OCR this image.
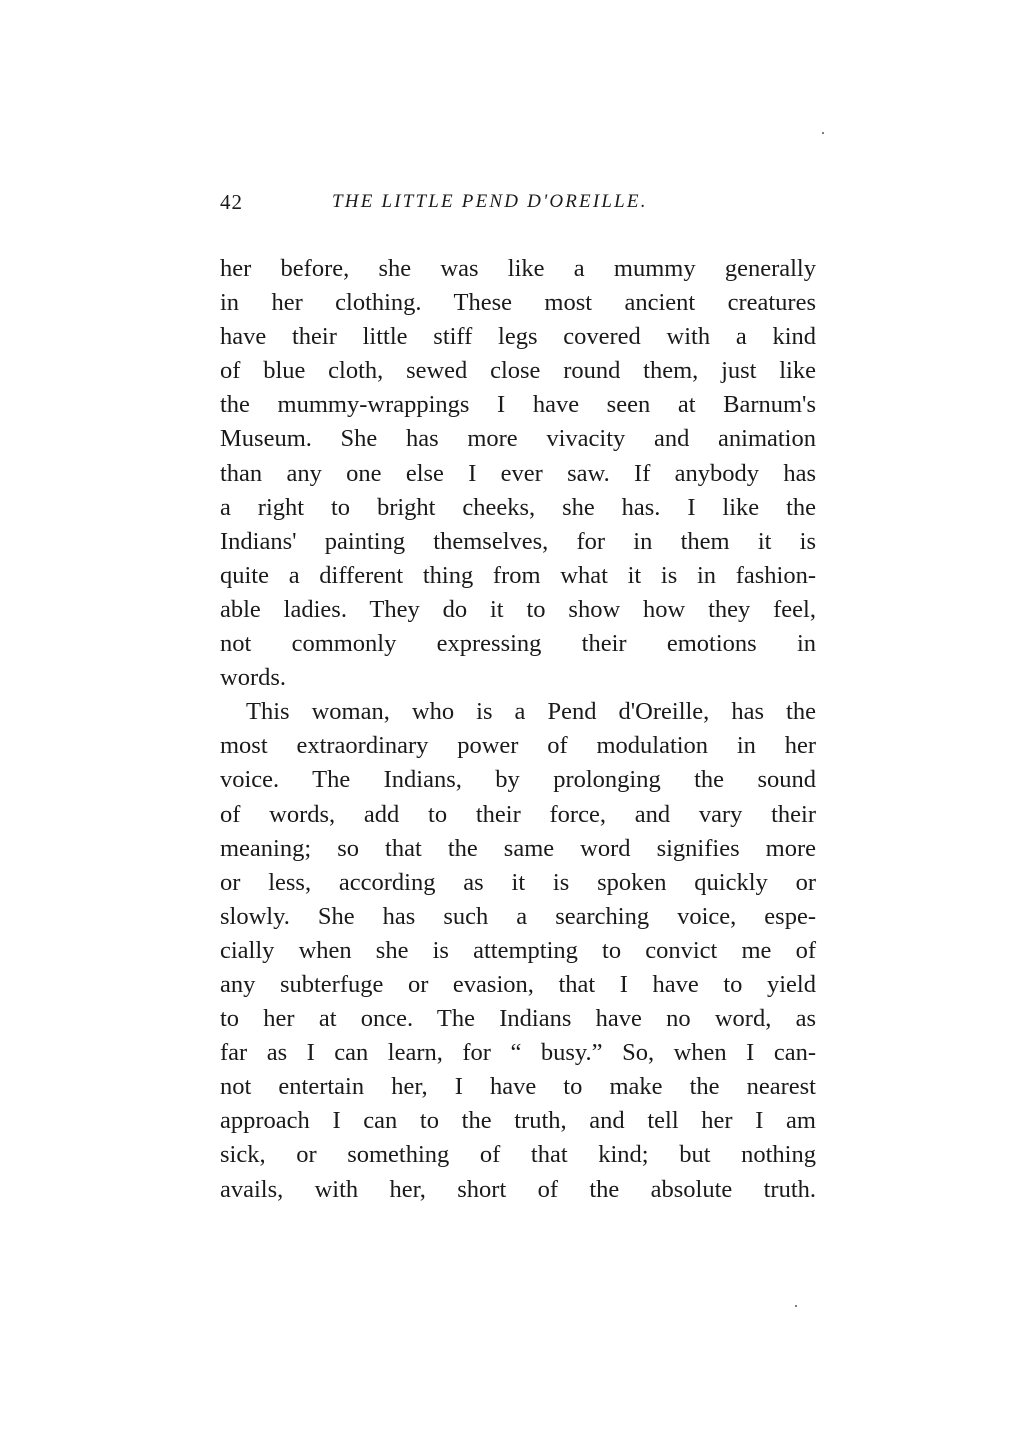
42	THE LITTLE PEND D'OREILLE.
her before, she was like a mummy generally
in her clothing. These most ancient creatures
have their little stiff legs covered with a kind
of blue cloth, sewed close round them, just like
the mummy-wrappings I have seen at Barnum's
Museum. She has more vivacity and animation
than any one else I ever saw. If anybody has
a right to bright cheeks, she has. I like the
Indians' painting themselves, for in them it is
quite a different thing from what it is in fashion-
able ladies. They do it to show how they feel,
not commonly expressing their emotions in
words.
This woman, who is a Pend d'Oreille, has the
most extraordinary power of modulation in her
voice. The Indians, by prolonging the sound
of words, add to their force, and vary their
meaning; so that the same word signifies more
or less, according as it is spoken quickly or
slowly. She has such a searching voice, espe-
cially when she is attempting to convict me of
any subterfuge or evasion, that I have to yield
to her at once. The Indians have no word, as
far as I can learn, for “ busy.” So, when I can-
not entertain her, I have to make the nearest
approach I can to the truth, and tell her I am
sick, or something of that kind; but nothing
avails, with her, short of the absolute truth.
